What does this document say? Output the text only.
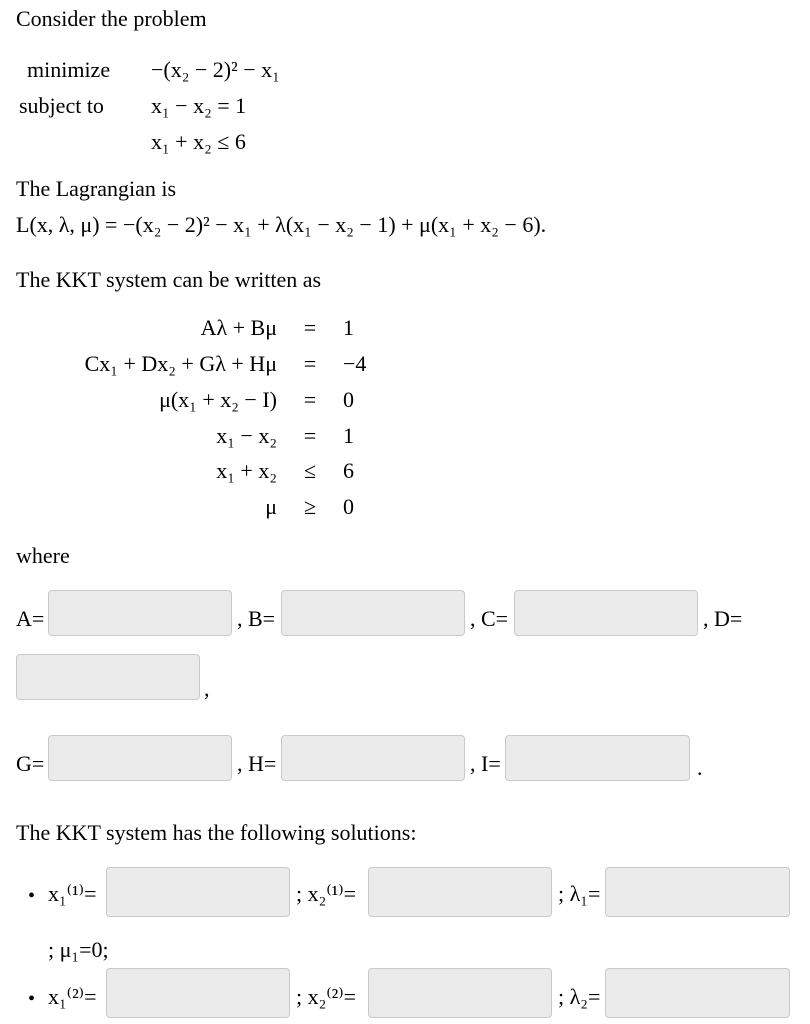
Consider the problem
minimize −(x₂ − 2)² − x₁
subject to x₁ − x₂ = 1
x₁ + x₂ ≤ 6
The Lagrangian is
L(x, λ, μ) = −(x₂ − 2)² − x₁ + λ(x₁ − x₂ − 1) + μ(x₁ + x₂ − 6).
The KKT system can be written as
Aλ + Bμ = 1
Cx₁ + Dx₂ + Gλ + Hμ = −4
μ(x₁ + x₂ − I) = 0
x₁ − x₂ = 1
x₁ + x₂ ≤ 6
μ ≥ 0
where
A=	, B=	, C=	, D=
,
G=	, H=	, I=	.
The KKT system has the following solutions:
• x₁⁽¹⁾=	; x₂⁽¹⁾=	; λ₁=
; μ₁=0;
• x₁⁽²⁾=	; x₂⁽²⁾=	; λ₂=
